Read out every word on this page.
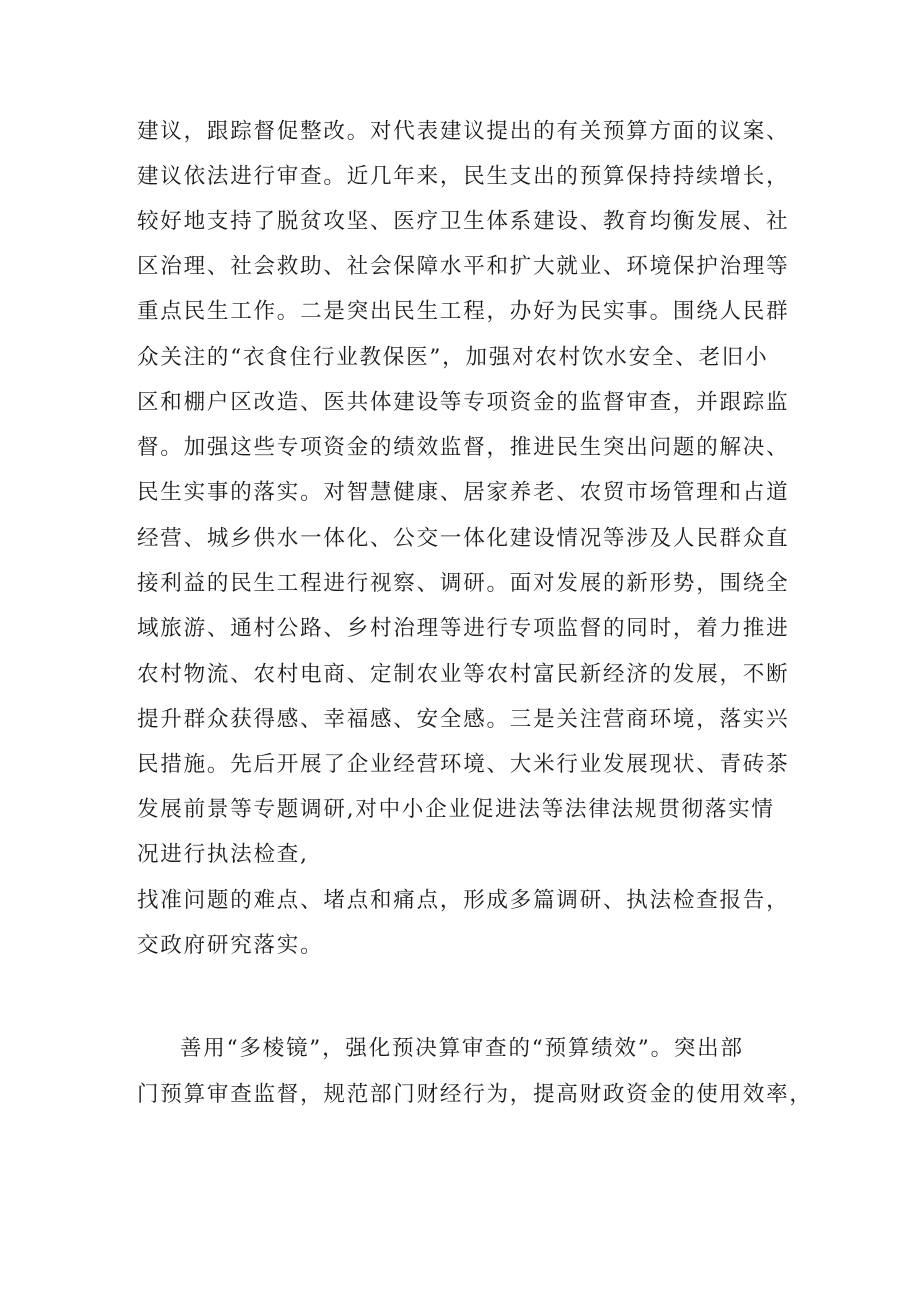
建议，跟踪督促整改。对代表建议提出的有关预算方面的议案、
建议依法进行审查。近几年来，民生支出的预算保持持续增长，
较好地支持了脱贫攻坚、医疗卫生体系建设、教育均衡发展、社
区治理、社会救助、社会保障水平和扩大就业、环境保护治理等
重点民生工作。二是突出民生工程，办好为民实事。围绕人民群
众关注的“衣食住行业教保医”，加强对农村饮水安全、老旧小
区和棚户区改造、医共体建设等专项资金的监督审查，并跟踪监
督。加强这些专项资金的绩效监督，推进民生突出问题的解决、
民生实事的落实。对智慧健康、居家养老、农贸市场管理和占道
经营、城乡供水一体化、公交一体化建设情况等涉及人民群众直
接利益的民生工程进行视察、调研。面对发展的新形势，围绕全
域旅游、通村公路、乡村治理等进行专项监督的同时，着力推进
农村物流、农村电商、定制农业等农村富民新经济的发展，不断
提升群众获得感、幸福感、安全感。三是关注营商环境，落实兴
民措施。先后开展了企业经营环境、大米行业发展现状、青砖茶
发展前景等专题调研,对中小企业促进法等法律法规贯彻落实情
况进行执法检查,
找准问题的难点、堵点和痛点，形成多篇调研、执法检查报告，
交政府研究落实。
善用“多棱镜”，强化预决算审查的“预算绩效”。突出部
门预算审查监督，规范部门财经行为，提高财政资金的使用效率，
